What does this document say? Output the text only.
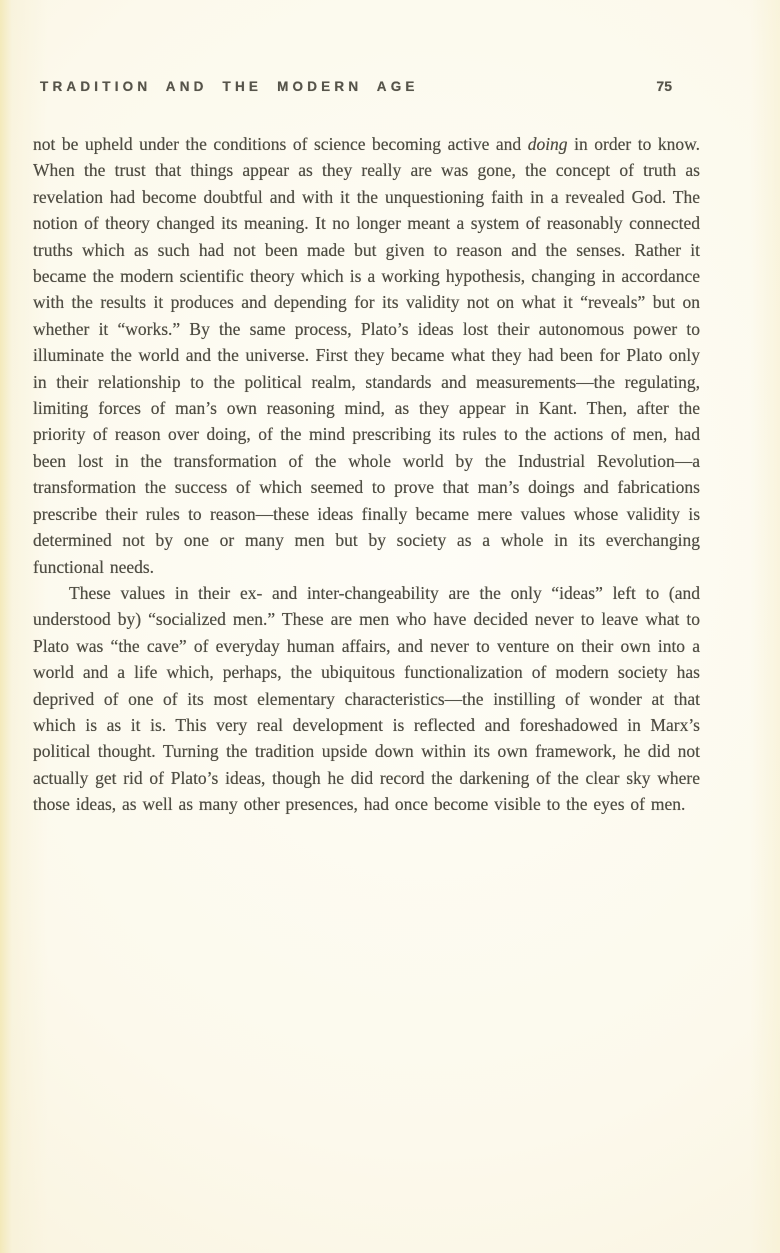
TRADITION AND THE MODERN AGE	75

not be upheld under the conditions of science becoming active and doing in order to know. When the trust that things appear as they really are was gone, the concept of truth as revelation had become doubtful and with it the unquestioning faith in a revealed God. The notion of theory changed its meaning. It no longer meant a system of reasonably connected truths which as such had not been made but given to reason and the senses. Rather it became the modern scientific theory which is a working hypothesis, changing in accordance with the results it produces and depending for its validity not on what it “reveals” but on whether it “works.” By the same process, Plato’s ideas lost their autonomous power to illuminate the world and the universe. First they became what they had been for Plato only in their relationship to the political realm, standards and measurements—the regulating, limiting forces of man’s own reasoning mind, as they appear in Kant. Then, after the priority of reason over doing, of the mind prescribing its rules to the actions of men, had been lost in the transformation of the whole world by the Industrial Revolution—a transformation the success of which seemed to prove that man’s doings and fabrications prescribe their rules to reason—these ideas finally became mere values whose validity is determined not by one or many men but by society as a whole in its everchanging functional needs.

These values in their ex- and inter-changeability are the only “ideas” left to (and understood by) “socialized men.” These are men who have decided never to leave what to Plato was “the cave” of everyday human affairs, and never to venture on their own into a world and a life which, perhaps, the ubiquitous functionalization of modern society has deprived of one of its most elementary characteristics—the instilling of wonder at that which is as it is. This very real development is reflected and foreshadowed in Marx’s political thought. Turning the tradition upside down within its own framework, he did not actually get rid of Plato’s ideas, though he did record the darkening of the clear sky where those ideas, as well as many other presences, had once become visible to the eyes of men.
